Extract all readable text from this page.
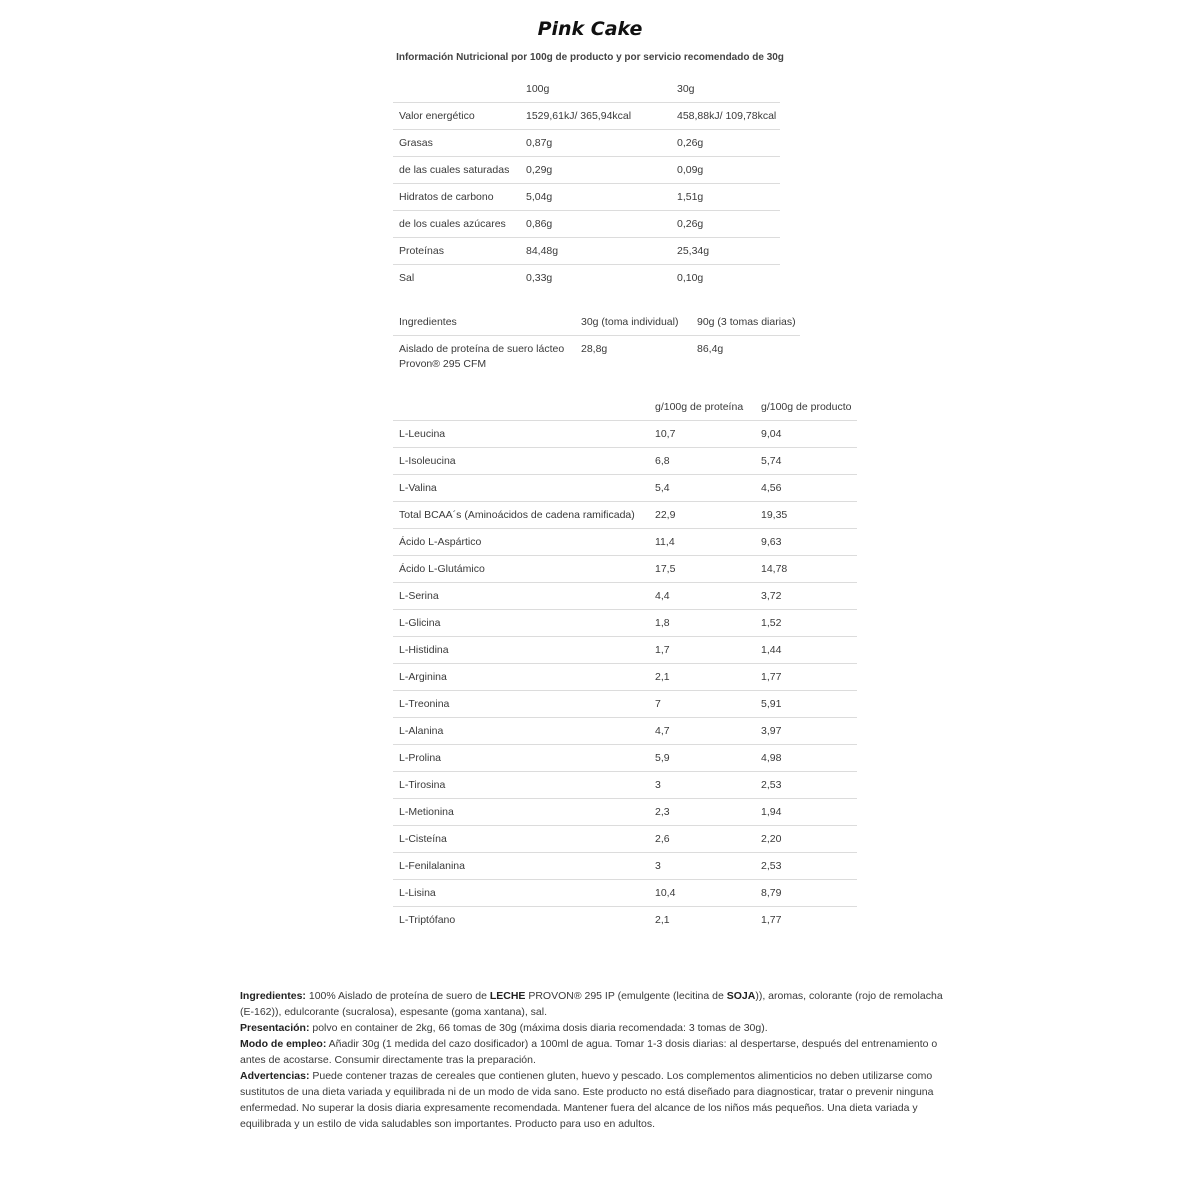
Pink Cake
Información Nutricional por 100g de producto y por servicio recomendado de 30g
	100g	30g
Valor energético	1529,61kJ/ 365,94kcal	458,88kJ/ 109,78kcal
Grasas	0,87g	0,26g
de las cuales saturadas	0,29g	0,09g
Hidratos de carbono	5,04g	1,51g
de los cuales azúcares	0,86g	0,26g
Proteínas	84,48g	25,34g
Sal	0,33g	0,10g
Ingredientes	30g (toma individual)	90g (3 tomas diarias)
Aislado de proteína de suero lácteo Provon® 295 CFM	28,8g	86,4g
	g/100g de proteína	g/100g de producto
L-Leucina	10,7	9,04
L-Isoleucina	6,8	5,74
L-Valina	5,4	4,56
Total BCAA´s (Aminoácidos de cadena ramificada)	22,9	19,35
Ácido L-Aspártico	11,4	9,63
Ácido L-Glutámico	17,5	14,78
L-Serina	4,4	3,72
L-Glicina	1,8	1,52
L-Histidina	1,7	1,44
L-Arginina	2,1	1,77
L-Treonina	7	5,91
L-Alanina	4,7	3,97
L-Prolina	5,9	4,98
L-Tirosina	3	2,53
L-Metionina	2,3	1,94
L-Cisteína	2,6	2,20
L-Fenilalanina	3	2,53
L-Lisina	10,4	8,79
L-Triptófano	2,1	1,77

Ingredientes: 100% Aislado de proteína de suero de LECHE PROVON® 295 IP (emulgente (lecitina de SOJA)), aromas, colorante (rojo de remolacha (E-162)), edulcorante (sucralosa), espesante (goma xantana), sal.

Presentación: polvo en container de 2kg, 66 tomas de 30g (máxima dosis diaria recomendada: 3 tomas de 30g).

Modo de empleo: Añadir 30g (1 medida del cazo dosificador) a 100ml de agua. Tomar 1-3 dosis diarias: al despertarse, después del entrenamiento o antes de acostarse. Consumir directamente tras la preparación.

Advertencias: Puede contener trazas de cereales que contienen gluten, huevo y pescado. Los complementos alimenticios no deben utilizarse como sustitutos de una dieta variada y equilibrada ni de un modo de vida sano. Este producto no está diseñado para diagnosticar, tratar o prevenir ninguna enfermedad. No superar la dosis diaria expresamente recomendada. Mantener fuera del alcance de los niños más pequeños. Una dieta variada y equilibrada y un estilo de vida saludables son importantes. Producto para uso en adultos.
